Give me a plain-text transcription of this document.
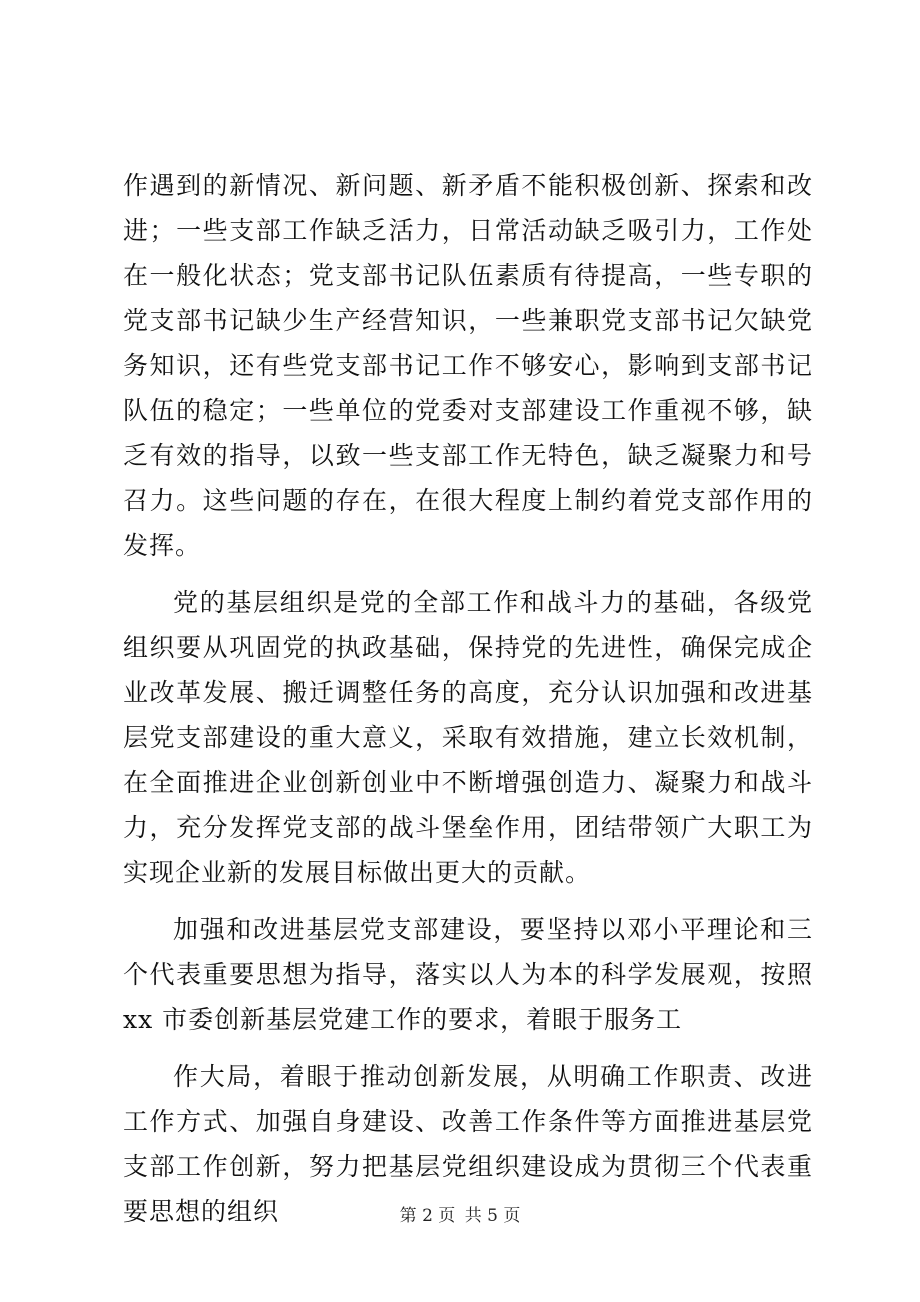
作遇到的新情况、新问题、新矛盾不能积极创新、探索和改进；一些支部工作缺乏活力，日常活动缺乏吸引力，工作处在一般化状态；党支部书记队伍素质有待提高，一些专职的党支部书记缺少生产经营知识，一些兼职党支部书记欠缺党务知识，还有些党支部书记工作不够安心，影响到支部书记队伍的稳定；一些单位的党委对支部建设工作重视不够，缺乏有效的指导，以致一些支部工作无特色，缺乏凝聚力和号召力。这些问题的存在，在很大程度上制约着党支部作用的发挥。

党的基层组织是党的全部工作和战斗力的基础，各级党组织要从巩固党的执政基础，保持党的先进性，确保完成企业改革发展、搬迁调整任务的高度，充分认识加强和改进基层党支部建设的重大意义，采取有效措施，建立长效机制，在全面推进企业创新创业中不断增强创造力、凝聚力和战斗力，充分发挥党支部的战斗堡垒作用，团结带领广大职工为实现企业新的发展目标做出更大的贡献。

加强和改进基层党支部建设，要坚持以邓小平理论和三个代表重要思想为指导，落实以人为本的科学发展观，按照 xx 市委创新基层党建工作的要求，着眼于服务工

作大局，着眼于推动创新发展，从明确工作职责、改进工作方式、加强自身建设、改善工作条件等方面推进基层党支部工作创新，努力把基层党组织建设成为贯彻三个代表重要思想的组织	第 2 页 共 5 页
